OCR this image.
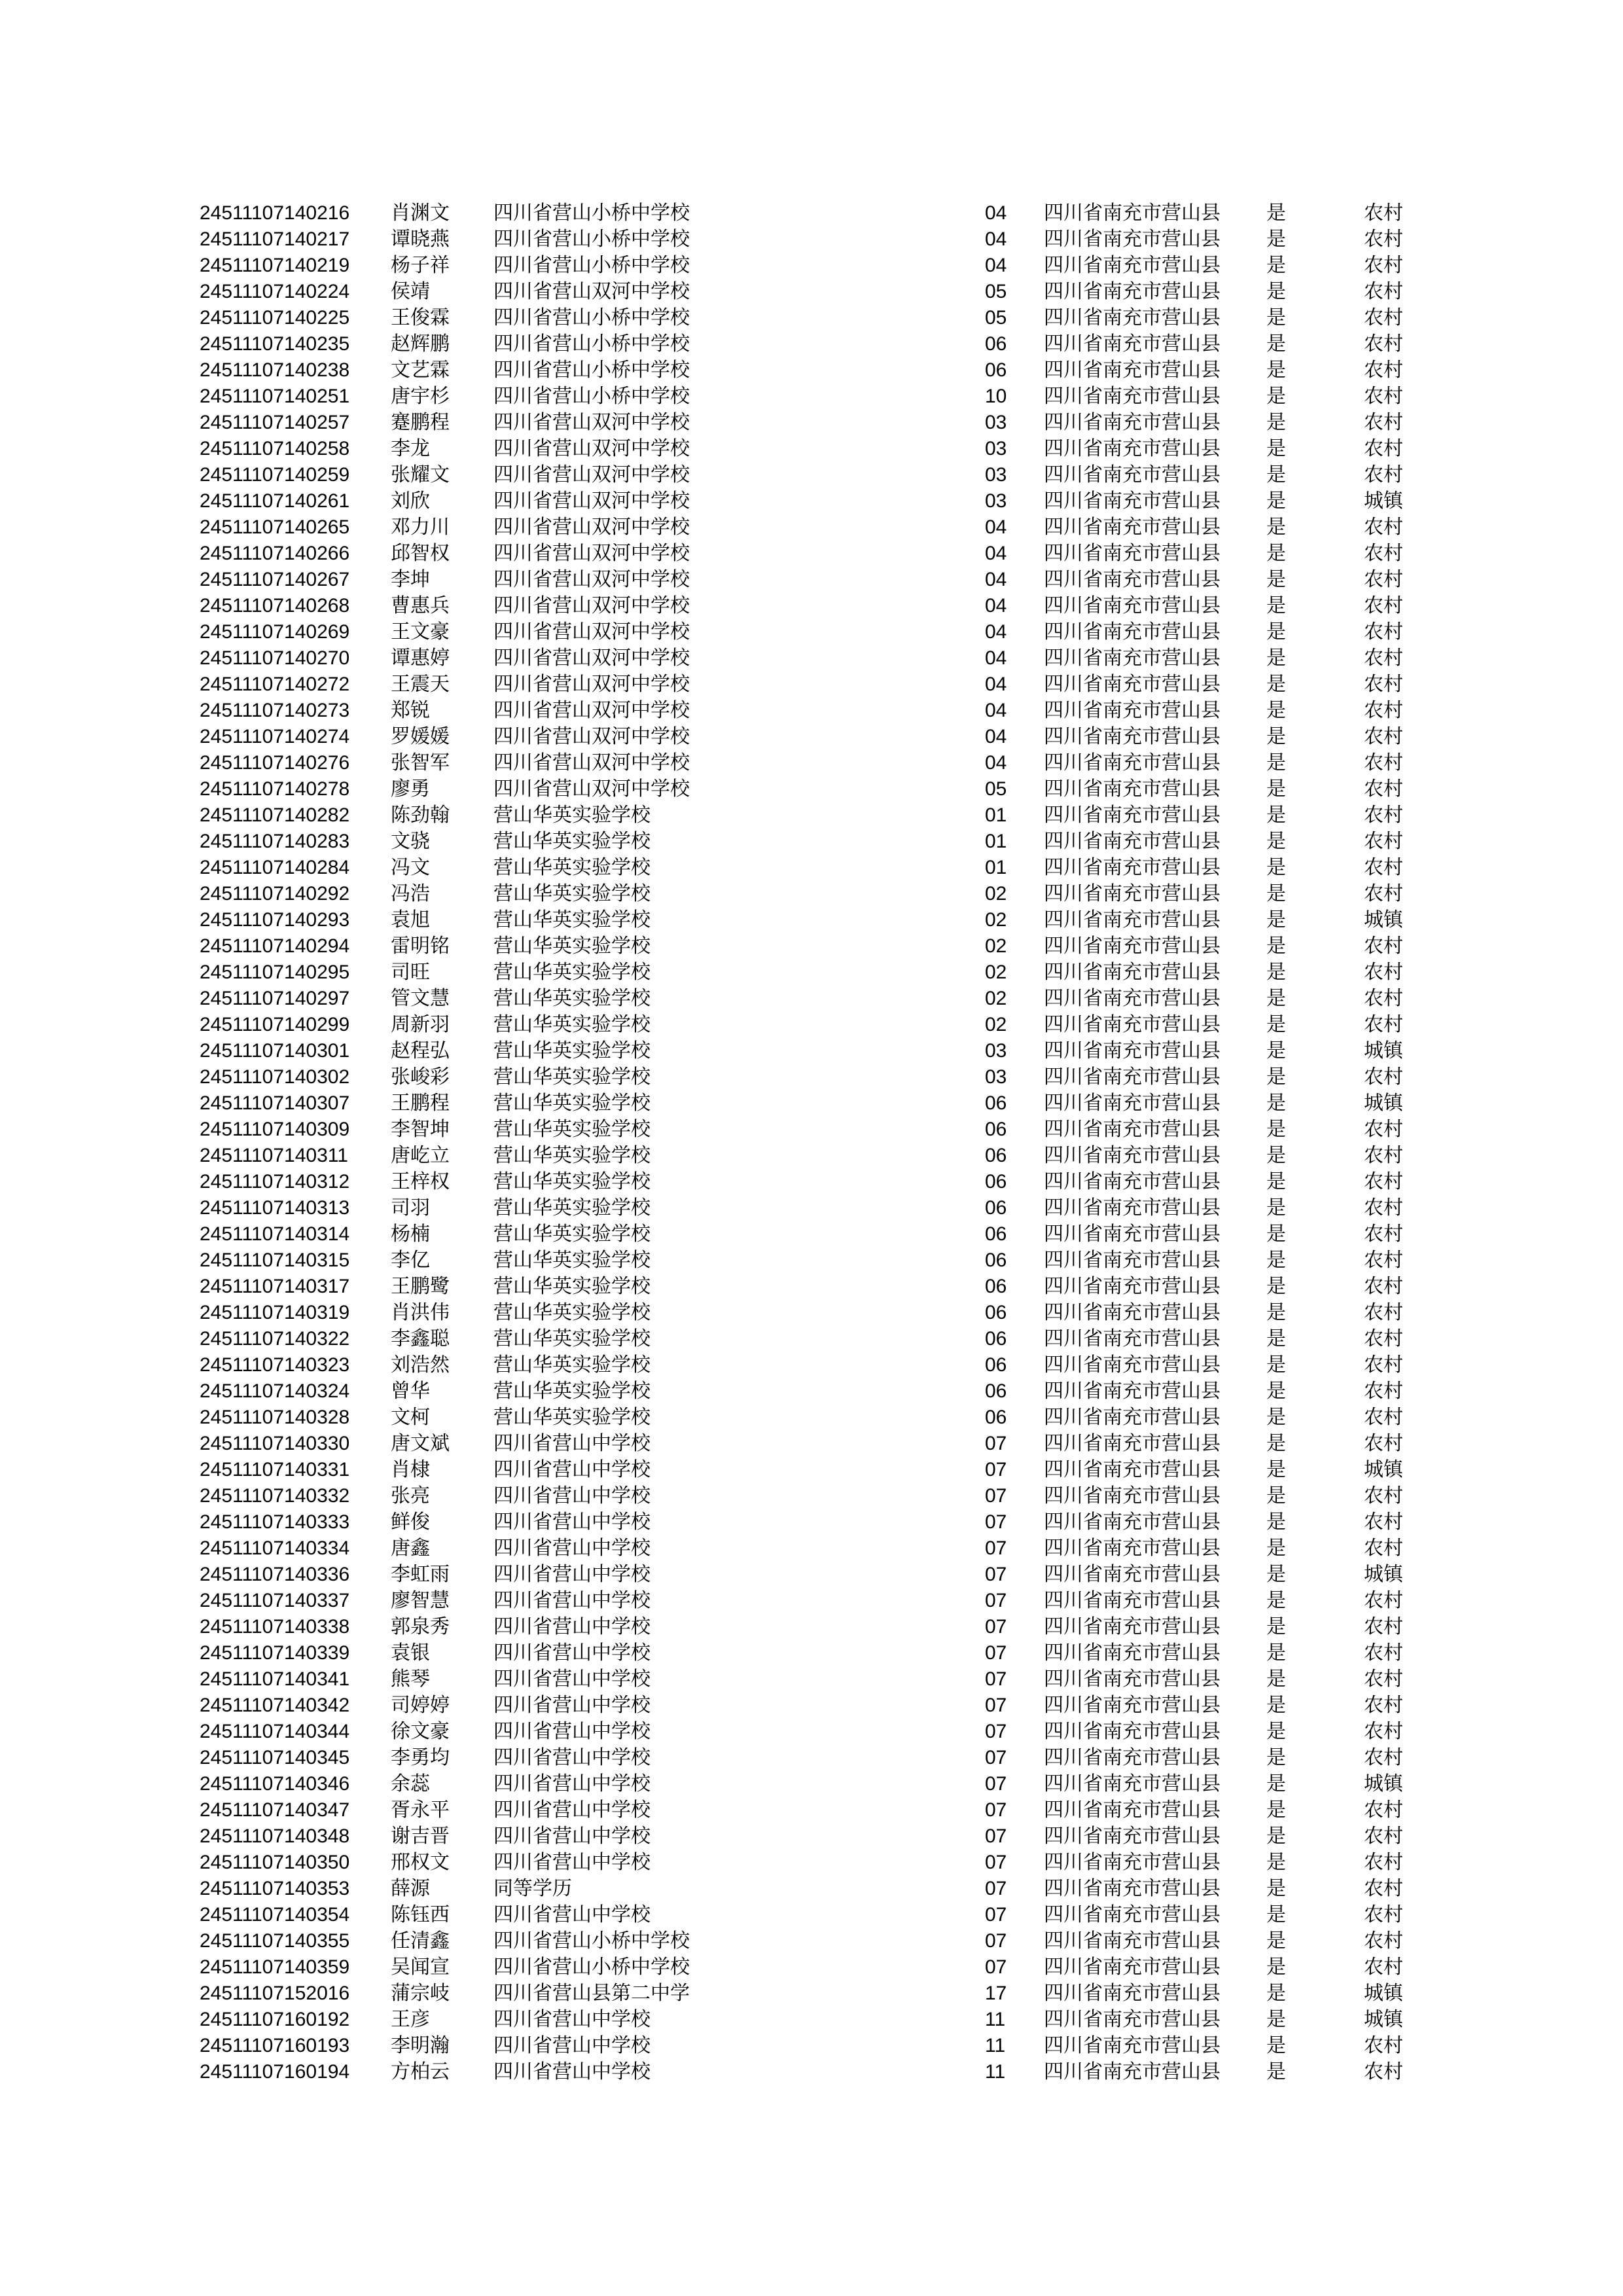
24511107140216 肖渊文 四川省营山小桥中学校	04 四川省南充市营山县 是	农村
24511107140217 谭晓燕 四川省营山小桥中学校	04 四川省南充市营山县 是	农村
24511107140219 杨子祥 四川省营山小桥中学校	04 四川省南充市营山县 是	农村
24511107140224 侯靖	四川省营山双河中学校	05 四川省南充市营山县 是	农村
24511107140225 王俊霖 四川省营山小桥中学校	05 四川省南充市营山县 是	农村
24511107140235 赵辉鹏 四川省营山小桥中学校	06 四川省南充市营山县 是	农村
24511107140238 文艺霖 四川省营山小桥中学校	06 四川省南充市营山县 是	农村
24511107140251 唐宇杉 四川省营山小桥中学校	10 四川省南充市营山县 是	农村
24511107140257 蹇鹏程 四川省营山双河中学校	03 四川省南充市营山县 是	农村
24511107140258 李龙	四川省营山双河中学校	03 四川省南充市营山县 是	农村
24511107140259 张耀文 四川省营山双河中学校	03 四川省南充市营山县 是	农村
24511107140261 刘欣	四川省营山双河中学校	03 四川省南充市营山县 是	城镇
24511107140265 邓力川 四川省营山双河中学校	04 四川省南充市营山县 是	农村
24511107140266 邱智权 四川省营山双河中学校	04 四川省南充市营山县 是	农村
24511107140267 李坤	四川省营山双河中学校	04 四川省南充市营山县 是	农村
24511107140268 曹惠兵 四川省营山双河中学校	04 四川省南充市营山县 是	农村
24511107140269 王文豪 四川省营山双河中学校	04 四川省南充市营山县 是	农村
24511107140270 谭惠婷 四川省营山双河中学校	04 四川省南充市营山县 是	农村
24511107140272 王震天 四川省营山双河中学校	04 四川省南充市营山县 是	农村
24511107140273 郑锐	四川省营山双河中学校	04 四川省南充市营山县 是	农村
24511107140274 罗媛媛 四川省营山双河中学校	04 四川省南充市营山县 是	农村
24511107140276 张智军 四川省营山双河中学校	04 四川省南充市营山县 是	农村
24511107140278 廖勇	四川省营山双河中学校	05 四川省南充市营山县 是	农村
24511107140282 陈劲翰 营山华英实验学校	01 四川省南充市营山县 是	农村
24511107140283 文骁	营山华英实验学校	01 四川省南充市营山县 是	农村
24511107140284 冯文	营山华英实验学校	01 四川省南充市营山县 是	农村
24511107140292 冯浩	营山华英实验学校	02 四川省南充市营山县 是	农村
24511107140293 袁旭	营山华英实验学校	02 四川省南充市营山县 是	城镇
24511107140294 雷明铭 营山华英实验学校	02 四川省南充市营山县 是	农村
24511107140295 司旺	营山华英实验学校	02 四川省南充市营山县 是	农村
24511107140297 管文慧 营山华英实验学校	02 四川省南充市营山县 是	农村
24511107140299 周新羽 营山华英实验学校	02 四川省南充市营山县 是	农村
24511107140301 赵程弘 营山华英实验学校	03 四川省南充市营山县 是	城镇
24511107140302 张峻彩 营山华英实验学校	03 四川省南充市营山县 是	农村
24511107140307 王鹏程 营山华英实验学校	06 四川省南充市营山县 是	城镇
24511107140309 李智坤 营山华英实验学校	06 四川省南充市营山县 是	农村
24511107140311 唐屹立 营山华英实验学校	06 四川省南充市营山县 是	农村
24511107140312 王梓权 营山华英实验学校	06 四川省南充市营山县 是	农村
24511107140313 司羽	营山华英实验学校	06 四川省南充市营山县 是	农村
24511107140314 杨楠	营山华英实验学校	06 四川省南充市营山县 是	农村
24511107140315 李亿	营山华英实验学校	06 四川省南充市营山县 是	农村
24511107140317 王鹏鹭 营山华英实验学校	06 四川省南充市营山县 是	农村
24511107140319 肖洪伟 营山华英实验学校	06 四川省南充市营山县 是	农村
24511107140322 李鑫聪 营山华英实验学校	06 四川省南充市营山县 是	农村
24511107140323 刘浩然 营山华英实验学校	06 四川省南充市营山县 是	农村
24511107140324 曾华	营山华英实验学校	06 四川省南充市营山县 是	农村
24511107140328 文柯	营山华英实验学校	06 四川省南充市营山县 是	农村
24511107140330 唐文斌 四川省营山中学校	07 四川省南充市营山县 是	农村
24511107140331 肖棣	四川省营山中学校	07 四川省南充市营山县 是	城镇
24511107140332 张亮	四川省营山中学校	07 四川省南充市营山县 是	农村
24511107140333 鲜俊	四川省营山中学校	07 四川省南充市营山县 是	农村
24511107140334 唐鑫	四川省营山中学校	07 四川省南充市营山县 是	农村
24511107140336 李虹雨 四川省营山中学校	07 四川省南充市营山县 是	城镇
24511107140337 廖智慧 四川省营山中学校	07 四川省南充市营山县 是	农村
24511107140338 郭泉秀 四川省营山中学校	07 四川省南充市营山县 是	农村
24511107140339 袁银	四川省营山中学校	07 四川省南充市营山县 是	农村
24511107140341 熊琴	四川省营山中学校	07 四川省南充市营山县 是	农村
24511107140342 司婷婷 四川省营山中学校	07 四川省南充市营山县 是	农村
24511107140344 徐文豪 四川省营山中学校	07 四川省南充市营山县 是	农村
24511107140345 李勇均 四川省营山中学校	07 四川省南充市营山县 是	农村
24511107140346 余蕊	四川省营山中学校	07 四川省南充市营山县 是	城镇
24511107140347 胥永平 四川省营山中学校	07 四川省南充市营山县 是	农村
24511107140348 谢吉晋 四川省营山中学校	07 四川省南充市营山县 是	农村
24511107140350 邢权文 四川省营山中学校	07 四川省南充市营山县 是	农村
24511107140353 薛源	同等学历	07 四川省南充市营山县 是	农村
24511107140354 陈钰西 四川省营山中学校	07 四川省南充市营山县 是	农村
24511107140355 任清鑫 四川省营山小桥中学校	07 四川省南充市营山县 是	农村
24511107140359 吴闻宣 四川省营山小桥中学校	07 四川省南充市营山县 是	农村
24511107152016 蒲宗岐 四川省营山县第二中学	17 四川省南充市营山县 是	城镇
24511107160192 王彦	四川省营山中学校	11 四川省南充市营山县 是	城镇
24511107160193 李明瀚 四川省营山中学校	11 四川省南充市营山县 是	农村
24511107160194 方柏云 四川省营山中学校	11 四川省南充市营山县 是	农村
